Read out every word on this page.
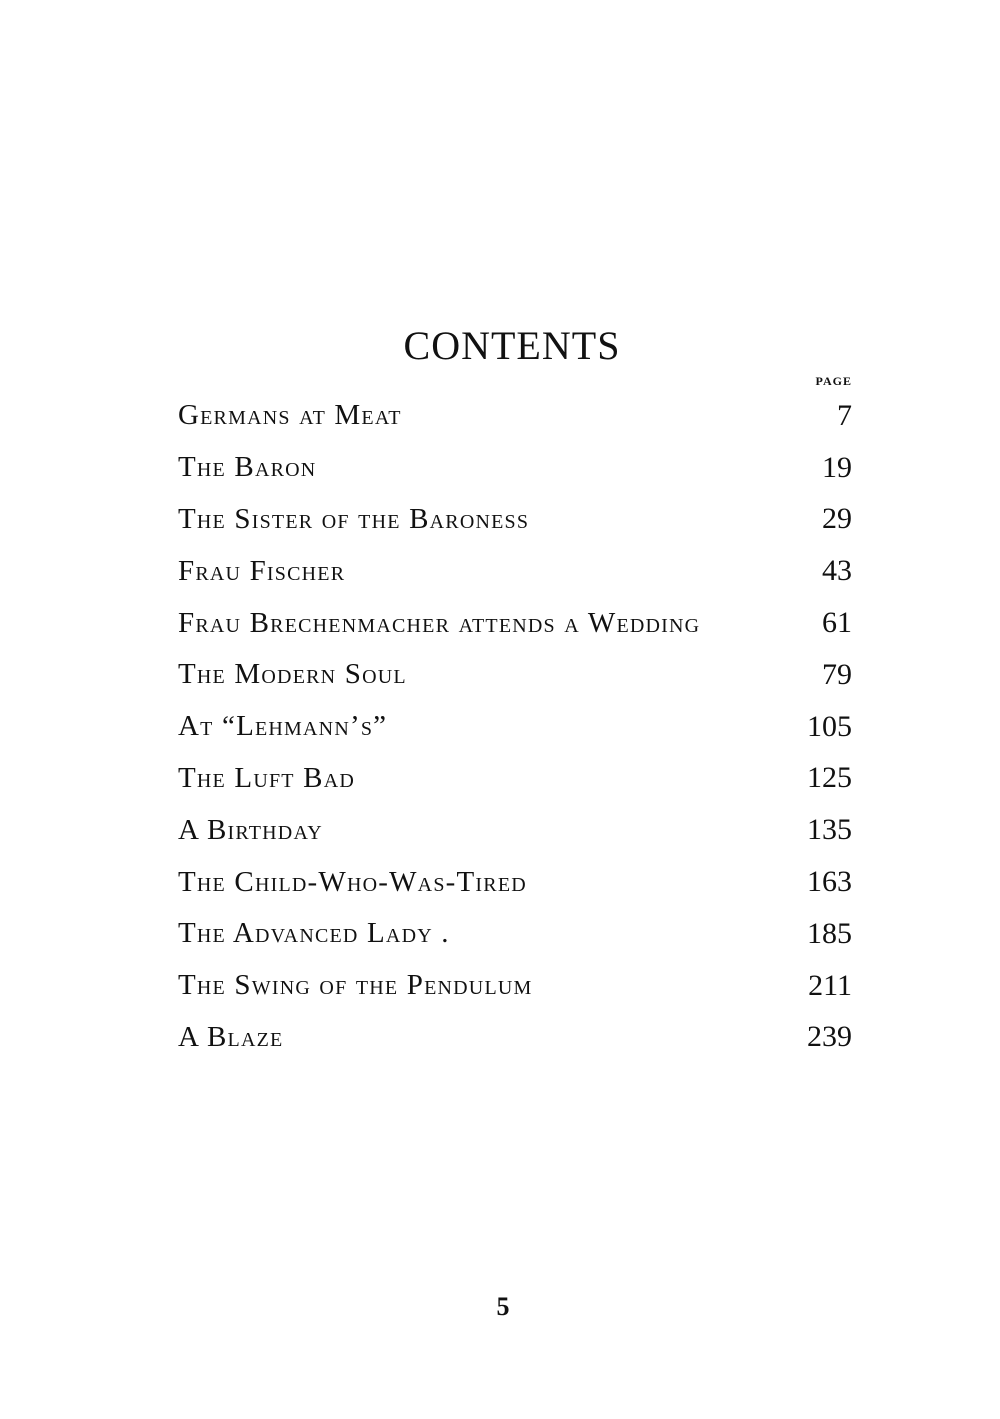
CONTENTS
PAGE
Germans at Meat	7
The Baron	19
The Sister of the Baroness	29
Frau Fischer	43
Frau Brechenmacher attends a Wedding	61
The Modern Soul	79
At “Lehmann’s”	105
The Luft Bad	125
A Birthday	135
The Child-Who-Was-Tired	163
The Advanced Lady .	185
The Swing of the Pendulum	211
A Blaze	239
5
